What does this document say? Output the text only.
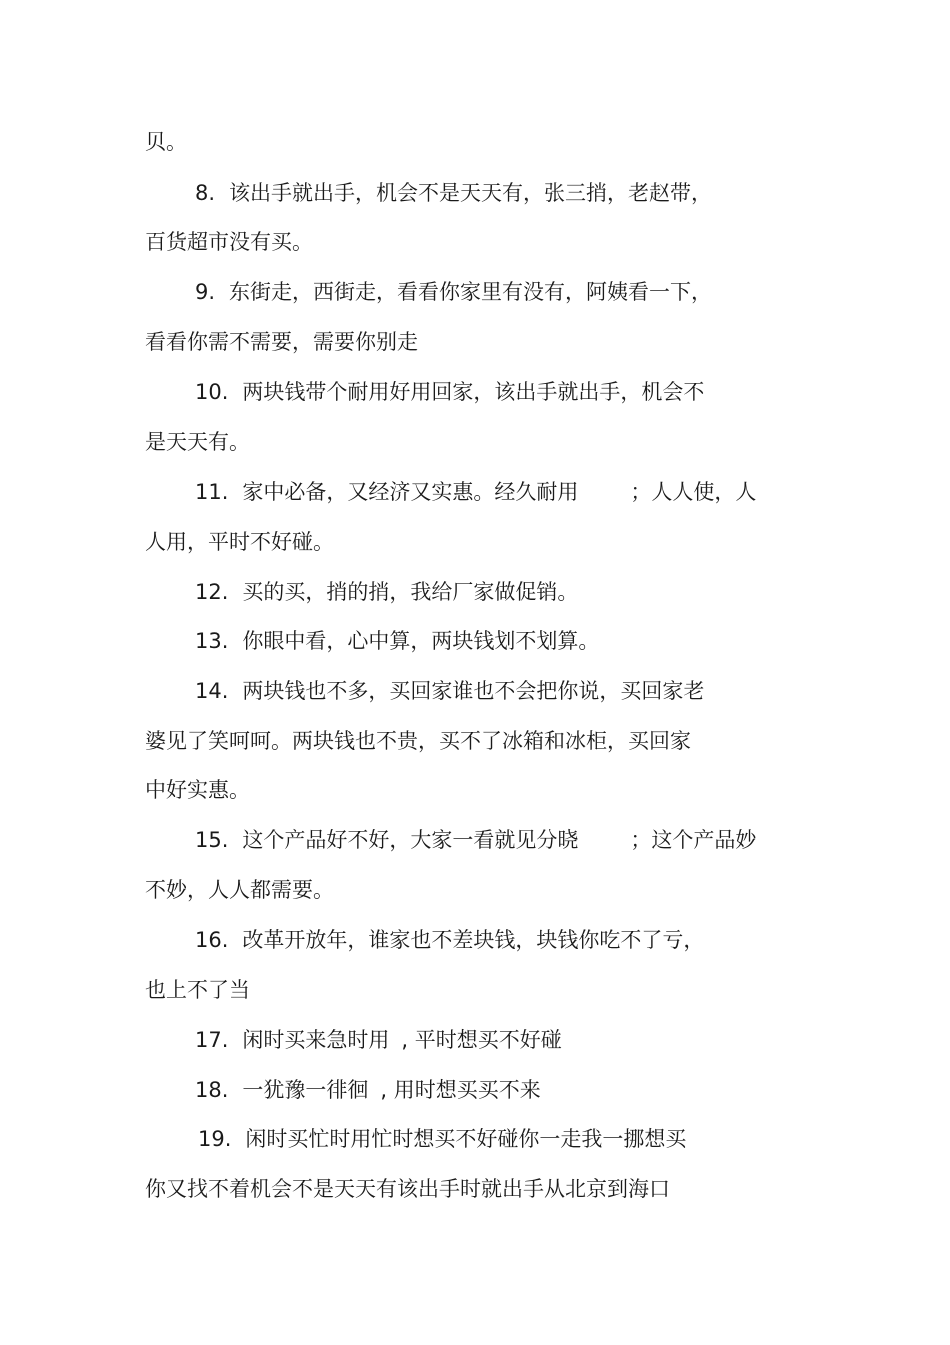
贝。
8. 该出手就出手，机会不是天天有，张三捎，老赵带，
百货超市没有买。
9. 东街走，西街走，看看你家里有没有，阿姨看一下，
看看你需不需要，需要你别走
10. 两块钱带个耐用好用回家，该出手就出手，机会不
是天天有。
11. 家中必备，又经济又实惠。经久耐用 ；人人使，人
人用，平时不好碰。
12. 买的买，捎的捎，我给厂家做促销。
13. 你眼中看，心中算，两块钱划不划算。
14. 两块钱也不多，买回家谁也不会把你说，买回家老
婆见了笑呵呵。两块钱也不贵，买不了冰箱和冰柜，买回家
中好实惠。
15. 这个产品好不好，大家一看就见分晓 ；这个产品妙
不妙，人人都需要。
16. 改革开放年，谁家也不差块钱，块钱你吃不了亏，
也上不了当
17. 闲时买来急时用 , 平时想买不好碰
18. 一犹豫一徘徊 , 用时想买买不来
19. 闲时买忙时用忙时想买不好碰你一走我一挪想买
你又找不着机会不是天天有该出手时就出手从北京到海口
